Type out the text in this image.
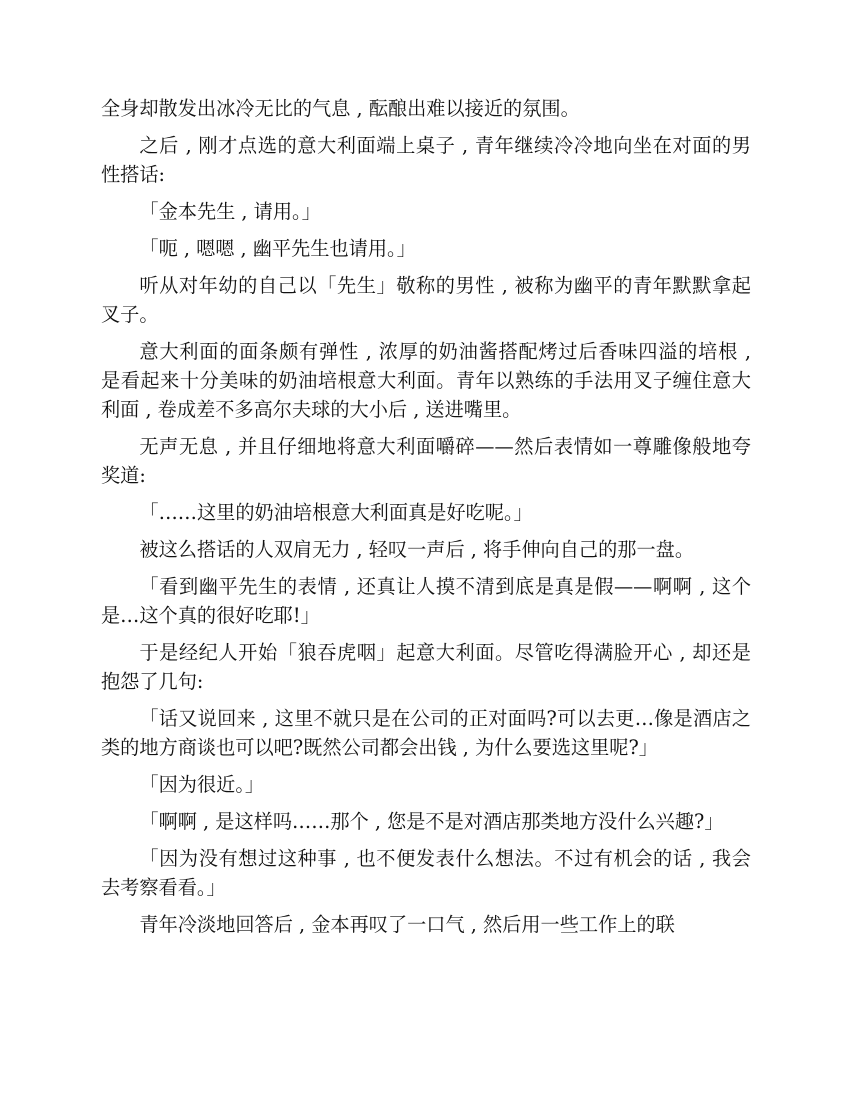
全身却散发出冰冷无比的气息 , 酝酿出难以接近的氛围。

之后 , 刚才点选的意大利面端上桌子 , 青年继续冷冷地向坐在对面的男性搭话:

「金本先生 , 请用。」

「呃 , 嗯嗯 , 幽平先生也请用。」

听从对年幼的自己以「先生」敬称的男性 , 被称为幽平的青年默默拿起叉子。

意大利面的面条颇有弹性 , 浓厚的奶油酱搭配烤过后香味四溢的培根 , 是看起来十分美味的奶油培根意大利面。青年以熟练的手法用叉子缠住意大利面 , 卷成差不多高尔夫球的大小后 , 送进嘴里。

无声无息 , 并且仔细地将意大利面嚼碎——然后表情如一尊雕像般地夸奖道:

「……这里的奶油培根意大利面真是好吃呢。」

被这么搭话的人双肩无力 , 轻叹一声后 , 将手伸向自己的那一盘。

「看到幽平先生的表情 , 还真让人摸不清到底是真是假——啊啊 , 这个是…这个真的很好吃耶!」

于是经纪人开始「狼吞虎咽」起意大利面。尽管吃得满脸开心 , 却还是抱怨了几句:

「话又说回来 , 这里不就只是在公司的正对面吗?可以去更…像是酒店之类的地方商谈也可以吧?既然公司都会出钱 , 为什么要选这里呢?」

「因为很近。」

「啊啊 , 是这样吗……那个 , 您是不是对酒店那类地方没什么兴趣?」

「因为没有想过这种事 , 也不便发表什么想法。不过有机会的话 , 我会去考察看看。」

青年冷淡地回答后 , 金本再叹了一口气 , 然后用一些工作上的联
